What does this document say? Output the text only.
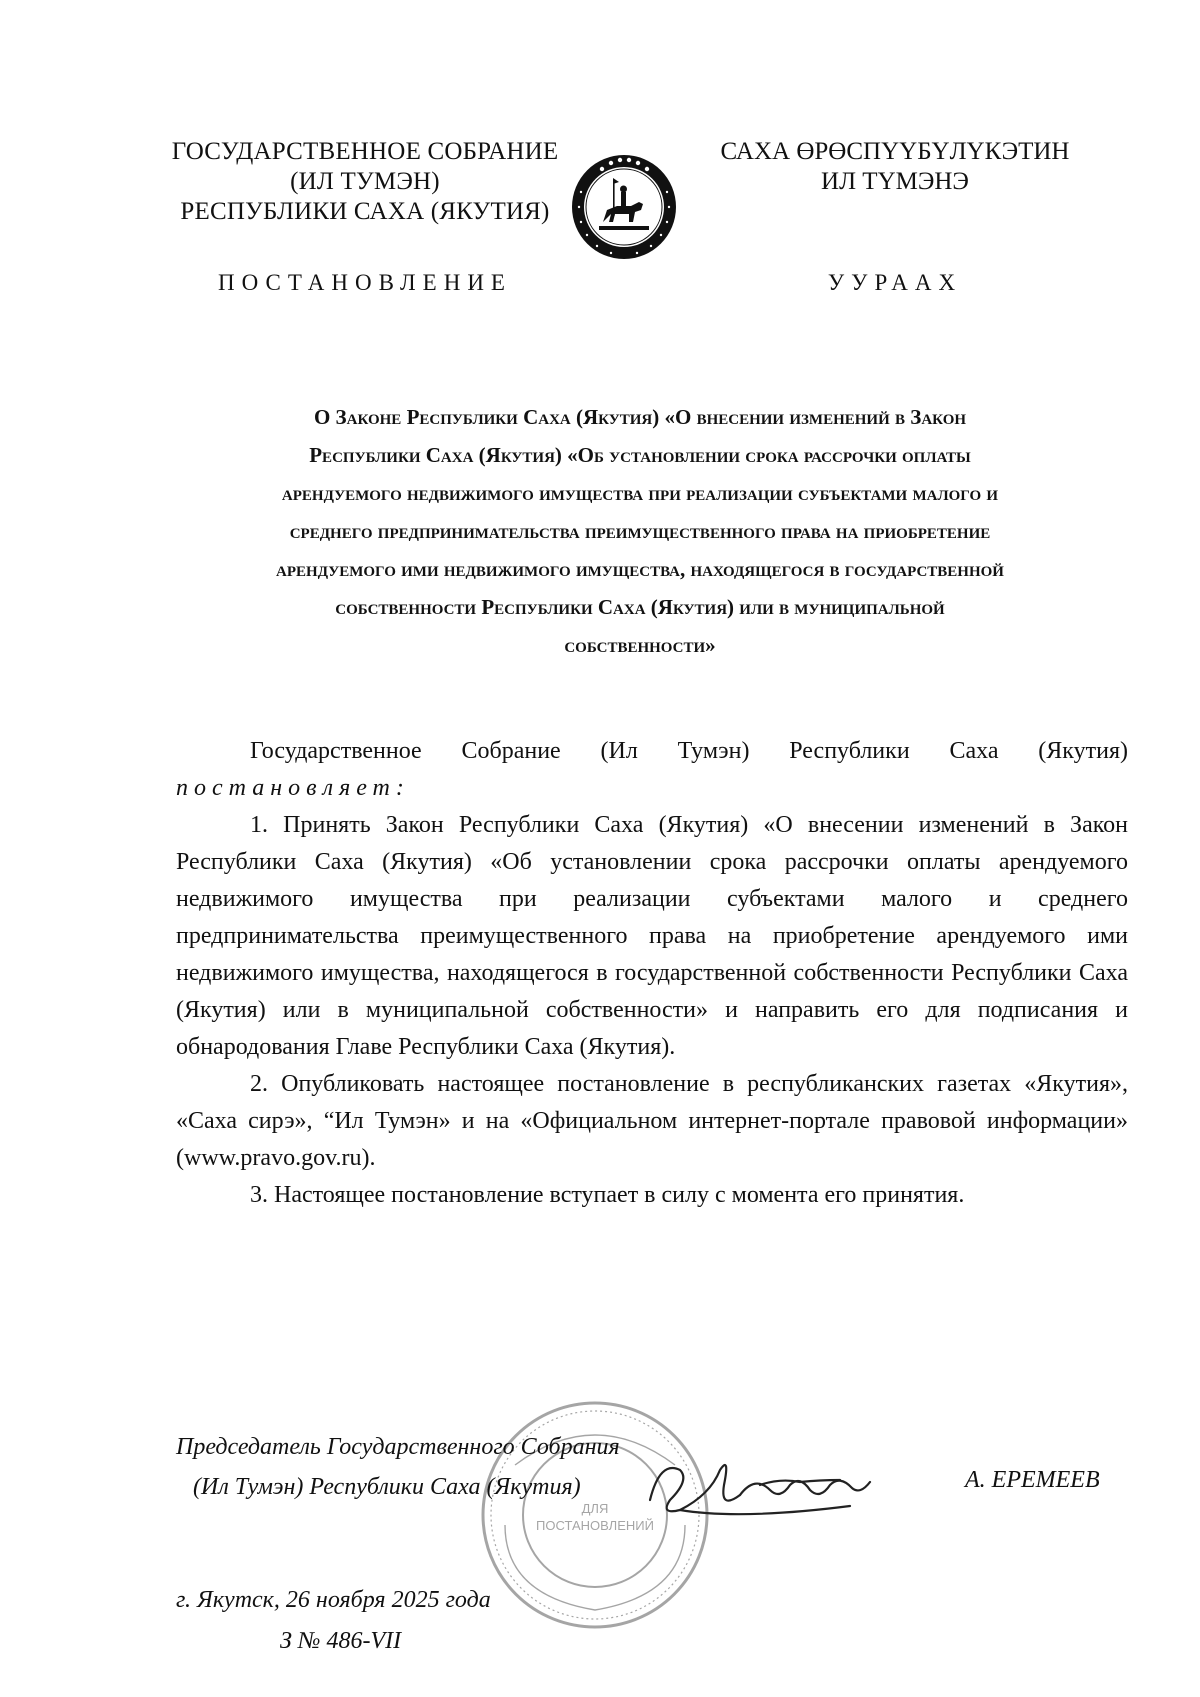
ГОСУДАРСТВЕННОЕ СОБРАНИЕ
(ИЛ ТУМЭН)
РЕСПУБЛИКИ САХА (ЯКУТИЯ)
САХА ӨРӨСПҮҮБҮЛҮКЭТИН
ИЛ ТҮМЭНЭ
ПОСТАНОВЛЕНИЕ	УУРААХ
О Законе Республики Саха (Якутия) «О внесении изменений в Закон
Республики Саха (Якутия) «Об установлении срока рассрочки оплаты
арендуемого недвижимого имущества при реализации субъектами малого и
среднего предпринимательства преимущественного права на приобретение
арендуемого ими недвижимого имущества, находящегося в государственной
собственности Республики Саха (Якутия) или в муниципальной
собственности»

Государственное Собрание (Ил Тумэн) Республики Саха (Якутия)

постановляет:

1. Принять Закон Республики Саха (Якутия) «О внесении изменений в Закон Республики Саха (Якутия) «Об установлении срока рассрочки оплаты арендуемого недвижимого имущества при реализации субъектами малого и среднего предпринимательства преимущественного права на приобретение арендуемого ими недвижимого имущества, находящегося в государственной собственности Республики Саха (Якутия) или в муниципальной собственности» и направить его для подписания и обнародования Главе Республики Саха (Якутия).

2. Опубликовать настоящее постановление в республиканских газетах «Якутия», «Саха сирэ», “Ил Тумэн» и на «Официальном интернет-портале правовой информации» (www.pravo.gov.ru).

3. Настоящее постановление вступает в силу с момента его принятия.

ДЛЯ
ПОСТАНОВЛЕНИЙ
Председатель Государственного Собрания
(Ил Тумэн) Республики Саха (Якутия)	А. ЕРЕМЕЕВ
г. Якутск, 26 ноября 2025 года
З № 486-VII
